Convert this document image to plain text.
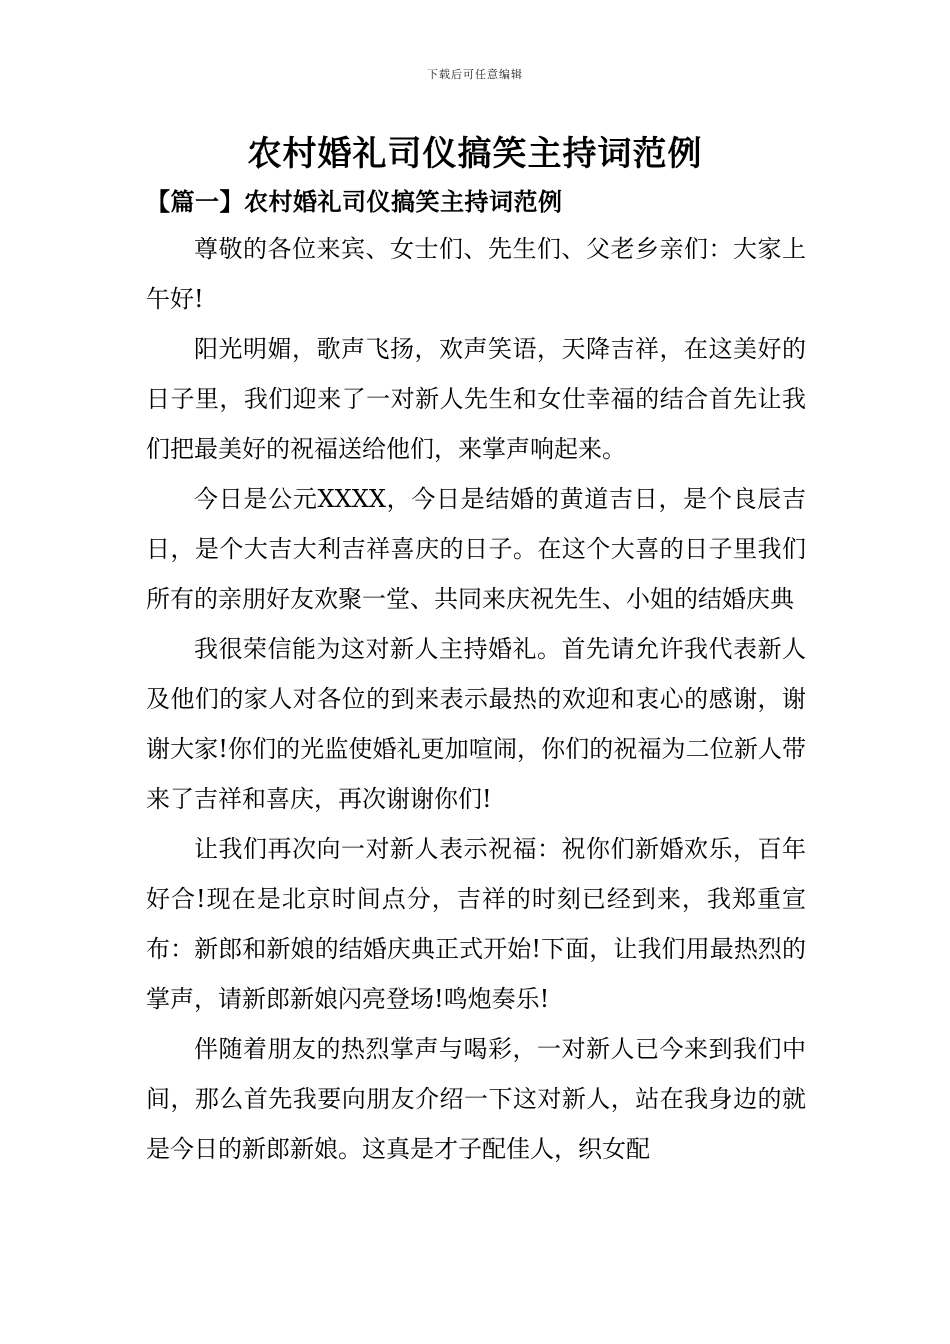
下载后可任意编辑
农村婚礼司仪搞笑主持词范例
【篇一】农村婚礼司仪搞笑主持词范例

尊敬的各位来宾、女士们、先生们、父老乡亲们：大家上午好!

阳光明媚，歌声飞扬，欢声笑语，天降吉祥，在这美好的日子里，我们迎来了一对新人先生和女仕幸福的结合首先让我们把最美好的祝福送给他们，来掌声响起来。

今日是公元XXXX，今日是结婚的黄道吉日，是个良辰吉日，是个大吉大利吉祥喜庆的日子。在这个大喜的日子里我们所有的亲朋好友欢聚一堂、共同来庆祝先生、小姐的结婚庆典

我很荣信能为这对新人主持婚礼。首先请允许我代表新人及他们的家人对各位的到来表示最热的欢迎和衷心的感谢，谢谢大家!你们的光监使婚礼更加喧闹，你们的祝福为二位新人带来了吉祥和喜庆，再次谢谢你们!

让我们再次向一对新人表示祝福：祝你们新婚欢乐，百年好合!现在是北京时间点分，吉祥的时刻已经到来，我郑重宣布：新郎和新娘的结婚庆典正式开始!下面，让我们用最热烈的掌声，请新郎新娘闪亮登场!鸣炮奏乐!

伴随着朋友的热烈掌声与喝彩，一对新人已今来到我们中间，那么首先我要向朋友介绍一下这对新人，站在我身边的就是今日的新郎新娘。这真是才子配佳人，织女配
